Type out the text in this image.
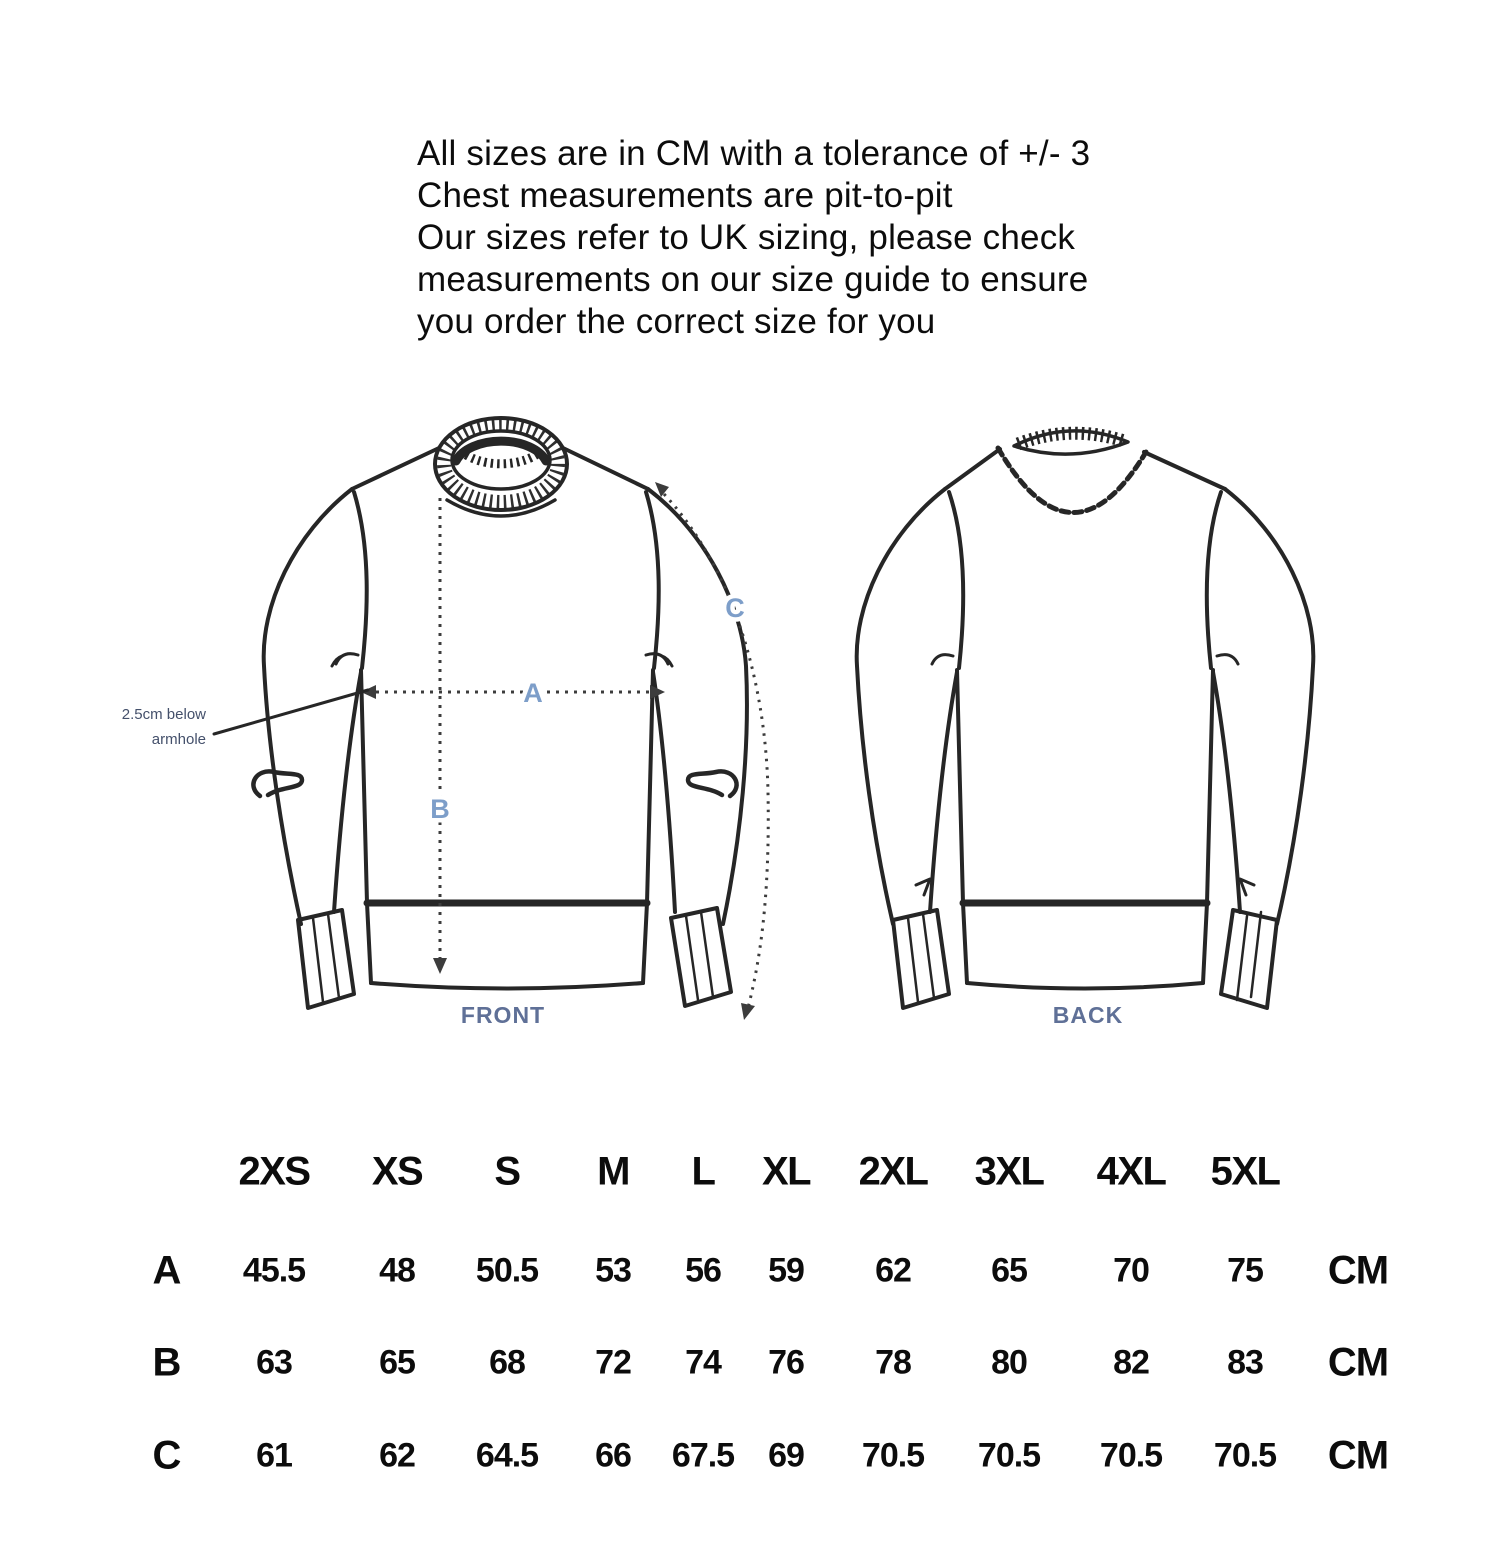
All sizes are in CM with a tolerance of +/- 3
Chest measurements are pit-to-pit
Our sizes refer to UK sizing, please check
measurements on our size guide to ensure
you order the correct size for you
A
B
C
2.5cm below
armhole
FRONT	BACK
2XS XS S M L XL 2XL 3XL 4XL 5XL
A 45.5 48 50.5 53 56 59 62 65	70 75 CM
B 63	65 68 72 74 76 78 80	82 83 CM
C 61	62 64.5 66 67.5 69 70.5 70.5 70.5 70.5 CM
